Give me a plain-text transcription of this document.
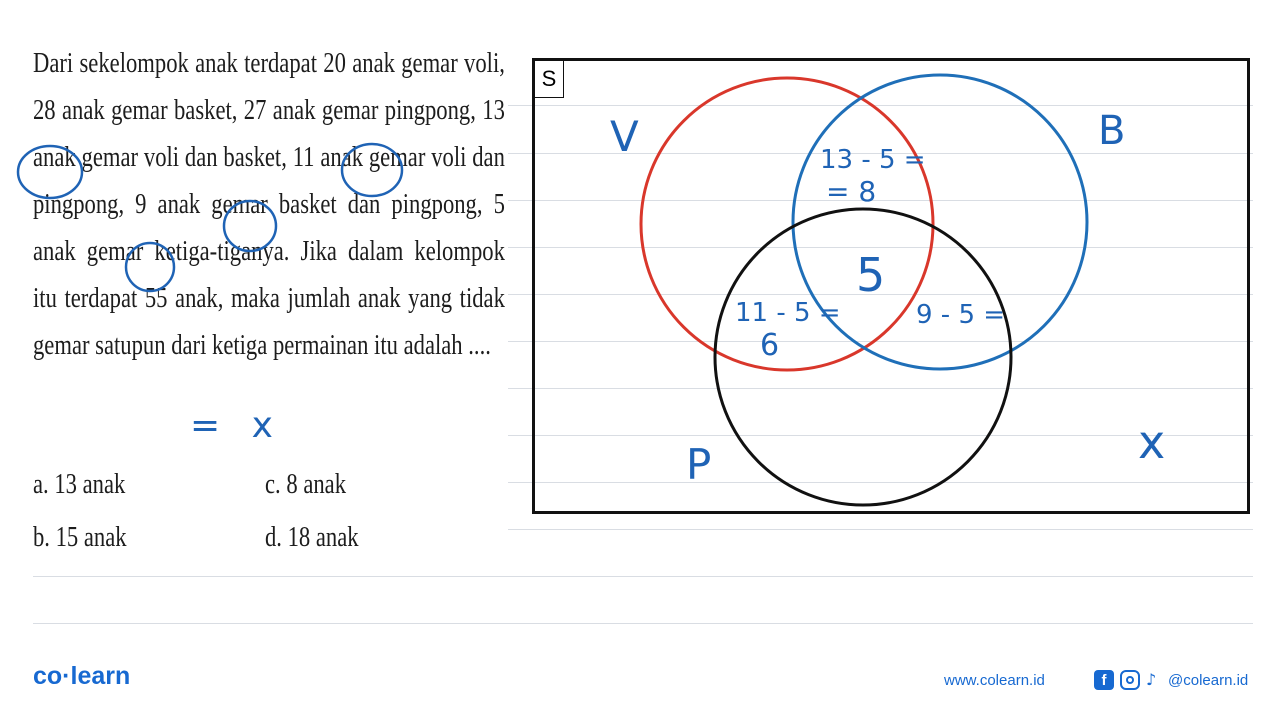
Dari sekelompok anak terdapat 20 anak gemar voli, 28 anak gemar basket, 27 anak gemar pingpong, 13 anak gemar voli dan basket, 11 anak gemar voli dan pingpong, 9 anak gemar basket dan pingpong, 5 anak gemar ketiga-tiganya. Jika dalam kelompok itu terdapat 55 anak, maka jumlah anak yang tidak gemar satupun dari ketiga permainan itu adalah ....
= x
a. 13 anak	c. 8 anak
b. 15 anak	d. 18 anak
S
V	B
P
13 - 5 =
= 8
5
11 - 5 =
6
9 - 5 =
x
co·learn	www.colearn.id	f	♪ @colearn.id
